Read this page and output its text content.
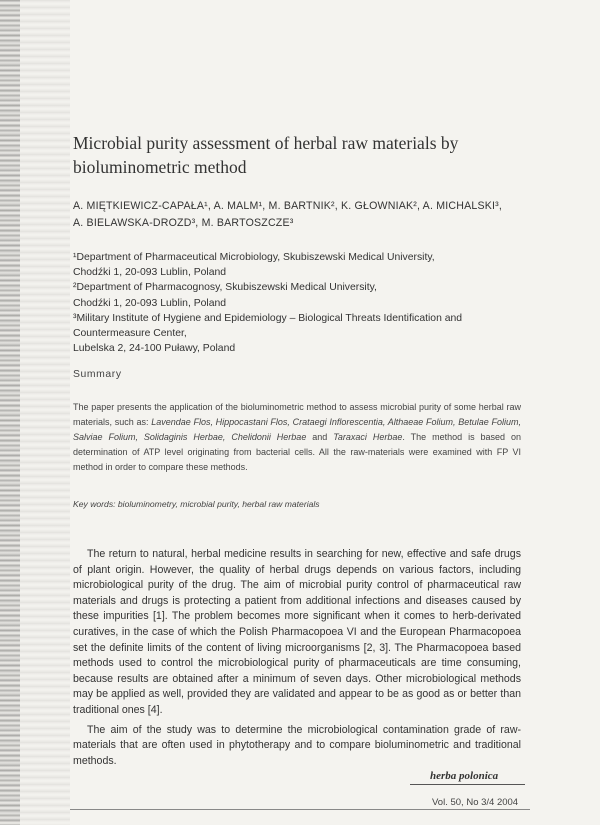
Microbial purity assessment of herbal raw materials by bioluminometric method
A. MIĘTKIEWICZ-CAPAŁA¹, A. MALM¹, M. BARTNIK², K. GŁOWNIAK², A. MICHALSKI³,
A. BIELAWSKA-DROZD³, M. BARTOSZCZE³
¹Department of Pharmaceutical Microbiology, Skubiszewski Medical University,
Chodźki 1, 20-093 Lublin, Poland
²Department of Pharmacognosy, Skubiszewski Medical University,
Chodźki 1, 20-093 Lublin, Poland
³Military Institute of Hygiene and Epidemiology – Biological Threats Identification and
Countermeasure Center,
Lubelska 2, 24-100 Puławy, Poland
Summary
The paper presents the application of the bioluminometric method to assess microbial purity of some herbal raw materials, such as: Lavendae Flos, Hippocastani Flos, Crataegi Inflorescentia, Althaeae Folium, Betulae Folium, Salviae Folium, Solidaginis Herbae, Chelidonii Herbae and Taraxaci Herbae. The method is based on determination of ATP level originating from bacterial cells. All the raw-materials were examined with FP VI method in order to compare these methods.
Key words: bioluminometry, microbial purity, herbal raw materials

The return to natural, herbal medicine results in searching for new, effective and safe drugs of plant origin. However, the quality of herbal drugs depends on various factors, including microbiological purity of the drug. The aim of microbial purity control of pharmaceutical raw materials and drugs is protecting a patient from additional infections and diseases caused by these impurities [1]. The problem becomes more significant when it comes to herb-derivated curatives, in the case of which the Polish Pharmacopoea VI and the European Pharmacopoea set the definite limits of the content of living microorganisms [2, 3]. The Pharmacopoea based methods used to control the microbiological purity of pharmaceuticals are time consuming, because results are obtained after a minimum of seven days. Other microbiological methods may be applied as well, provided they are validated and appear to be as good as or better than traditional ones [4].

The aim of the study was to determine the microbiological contamination grade of raw-materials that are often used in phytotherapy and to compare bioluminometric and traditional methods.

herba polonica
Vol. 50, No 3/4 2004
